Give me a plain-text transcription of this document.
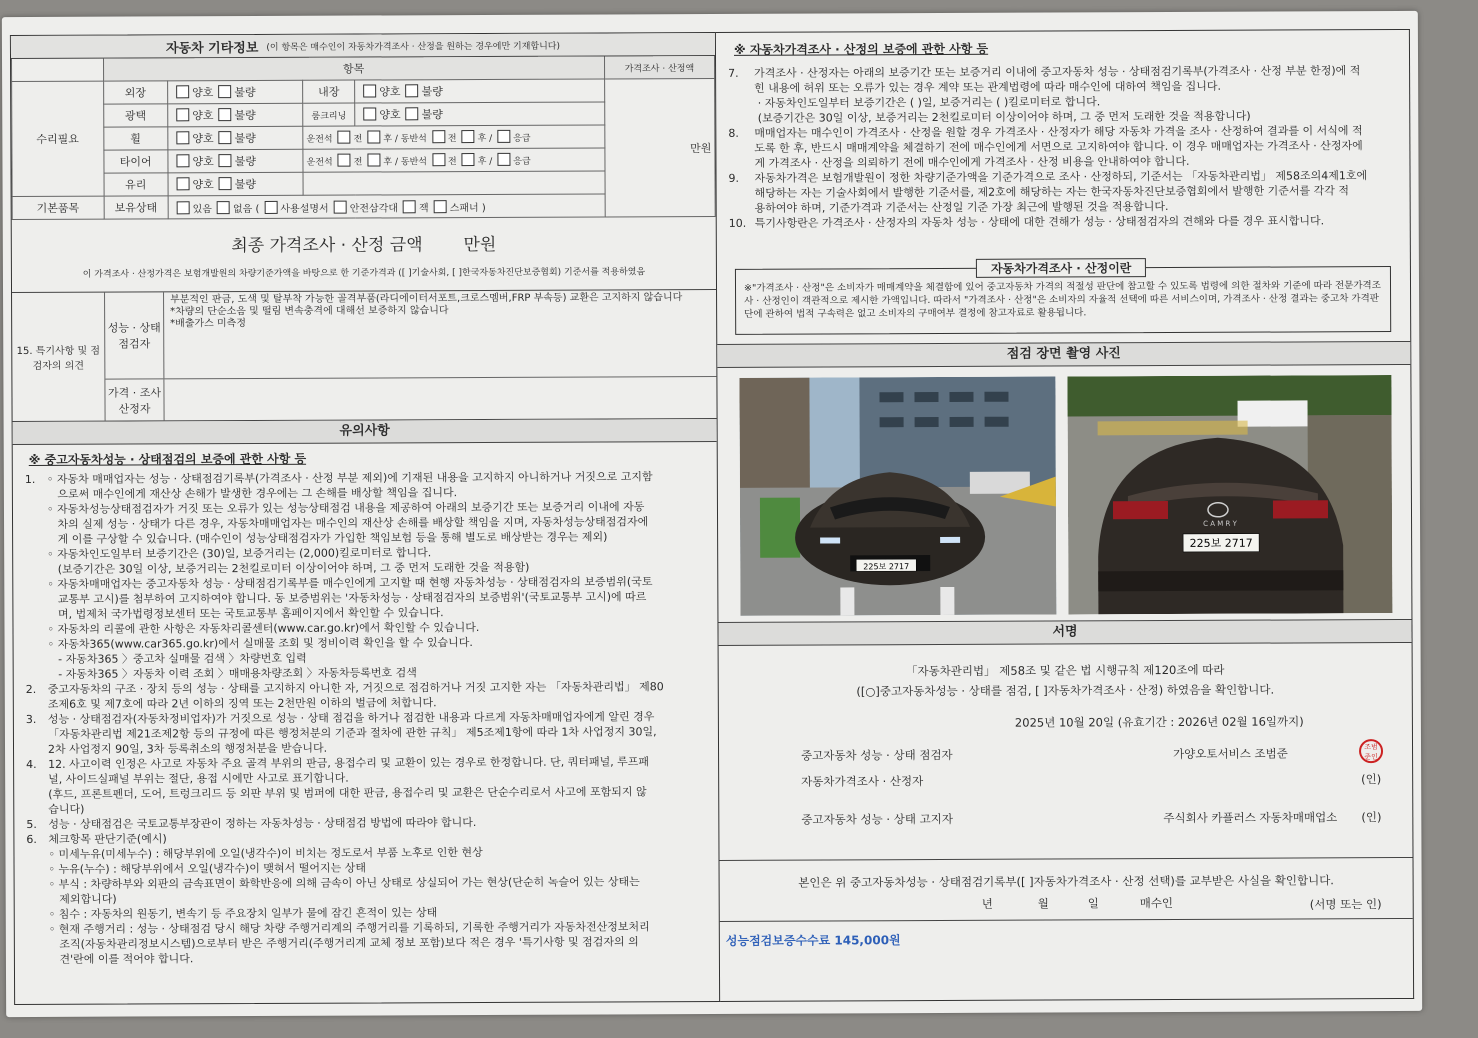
자동차 기타정보 (이 항목은 매수인이 자동차가격조사 · 산정을 원하는 경우에만 기재합니다)
	항목				가격조사 · 산정액
수리필요	외장	양호 불량	내장	양호 불량	만원
	광택	양호 불량	룸크리닝	양호 불량	
	휠	양호 불량	운전석 전 후 / 동반석 전 후 / 응급		
	타이어	양호 불량	운전석 전 후 / 동반석 전 후 / 응급		
	유리	양호 불량			
기본품목	보유상태	있음 없음 ( 사용설명서 안전삼각대 잭 스패너 )			
최종 가격조사 · 산정 금액 만원
이 가격조사 · 산정가격은 보험개발원의 차량기준가액을 바탕으로 한 기준가격과 ([ ]기술사회, [ ]한국자동차진단보증협회) 기준서를 적용하였음
15. 특기사항 및 점검자의 의견
성능 · 상태 점검자
부분적인 판금, 도색 및 탈부착 가능한 골격부품(라디에이터서포트,크로스멤버,FRP 부속등) 교환은 고지하지 않습니다
*차량의 단순소음 및 떨림 변속충격에 대해선 보증하지 않습니다
*배출가스 미측정
가격 · 조사 산정자
유의사항
※ 중고자동차성능 · 상태점검의 보증에 관한 사항 등
1.	◦ 자동차 매매업자는 성능 · 상태점검기록부(가격조사 · 산정 부분 제외)에 기재된 내용을 고지하지 아니하거나 거짓으로 고지함
으로써 매수인에게 재산상 손해가 발생한 경우에는 그 손해를 배상할 책임을 집니다.
◦ 자동차성능상태점검자가 거짓 또는 오류가 있는 성능상태점검 내용을 제공하여 아래의 보증기간 또는 보증거리 이내에 자동
차의 실제 성능 · 상태가 다른 경우, 자동차매매업자는 매수인의 재산상 손해를 배상할 책임을 지며, 자동차성능상태점검자에
게 이를 구상할 수 있습니다. (매수인이 성능상태점검자가 가입한 책임보험 등을 통해 별도로 배상받는 경우는 제외)
◦ 자동차인도일부터 보증기간은 (30)일, 보증거리는 (2,000)킬로미터로 합니다.
(보증기간은 30일 이상, 보증거리는 2천킬로미터 이상이어야 하며, 그 중 먼저 도래한 것을 적용함)
◦ 자동차매매업자는 중고자동차 성능 · 상태점검기록부를 매수인에게 고지할 때 현행 자동차성능 · 상태점검자의 보증범위(국토
교통부 고시)를 첨부하여 고지하여야 합니다. 동 보증범위는 '자동차성능 · 상태점검자의 보증범위'(국토교통부 고시)에 따르
며, 법제처 국가법령정보센터 또는 국토교통부 홈페이지에서 확인할 수 있습니다.
◦ 자동차의 리콜에 관한 사항은 자동차리콜센터(www.car.go.kr)에서 확인할 수 있습니다.
◦ 자동차365(www.car365.go.kr)에서 실매물 조회 및 정비이력 확인을 할 수 있습니다.
- 자동차365 〉중고차 실매물 검색 〉차량번호 입력
- 자동차365 〉자동차 이력 조회 〉매매용차량조회 〉자동차등록번호 검색

2.	중고자동차의 구조 · 장치 등의 성능 · 상태를 고지하지 아니한 자, 거짓으로 점검하거나 거짓 고지한 자는 「자동차관리법」 제80
조제6호 및 제7호에 따라 2년 이하의 징역 또는 2천만원 이하의 벌금에 처합니다.

3.	성능 · 상태점검자(자동차정비업자)가 거짓으로 성능 · 상태 점검을 하거나 점검한 내용과 다르게 자동차매매업자에게 알린 경우
「자동차관리법 제21조제2항 등의 규정에 따른 행정처분의 기준과 절차에 관한 규칙」 제5조제1항에 따라 1차 사업정지 30일,
2차 사업정지 90일, 3차 등록취소의 행정처분을 받습니다.

4.	12. 사고이력 인정은 사고로 자동차 주요 골격 부위의 판금, 용접수리 및 교환이 있는 경우로 한정합니다. 단, 쿼터패널, 루프패
널, 사이드실패널 부위는 절단, 용접 시에만 사고로 표기합니다.
(후드, 프론트펜더, 도어, 트렁크리드 등 외판 부위 및 범퍼에 대한 판금, 용접수리 및 교환은 단순수리로서 사고에 포함되지 않
습니다)

5.	성능 · 상태점검은 국토교통부장관이 정하는 자동차성능 · 상태점검 방법에 따라야 합니다.

6.	체크항목 판단기준(예시)
◦ 미세누유(미세누수) : 해당부위에 오일(냉각수)이 비치는 정도로서 부품 노후로 인한 현상
◦ 누유(누수) : 해당부위에서 오일(냉각수)이 맺혀서 떨어지는 상태
◦ 부식 : 차량하부와 외판의 금속표면이 화학반응에 의해 금속이 아닌 상태로 상실되어 가는 현상(단순히 녹슬어 있는 상태는
제외합니다)
◦ 침수 : 자동차의 원동기, 변속기 등 주요장치 일부가 물에 잠긴 흔적이 있는 상태
◦ 현재 주행거리 : 성능 · 상태점검 당시 해당 차량 주행거리계의 주행거리를 기록하되, 기록한 주행거리가 자동차전산정보처리
조직(자동차관리정보시스템)으로부터 받은 주행거리(주행거리계 교체 정보 포함)보다 적은 경우 '특기사항 및 점검자의 의
견'란에 이를 적어야 합니다.

※ 자동차가격조사 · 산정의 보증에 관한 사항 등
7.	가격조사 · 산정자는 아래의 보증기간 또는 보증거리 이내에 중고자동차 성능 · 상태점검기록부(가격조사 · 산정 부분 한정)에 적
힌 내용에 허위 또는 오류가 있는 경우 계약 또는 관계법령에 따라 매수인에 대하여 책임을 집니다.
· 자동차인도일부터 보증기간은 ( )일, 보증거리는 ( )킬로미터로 합니다.
(보증기간은 30일 이상, 보증거리는 2천킬로미터 이상이어야 하며, 그 중 먼저 도래한 것을 적용합니다)

8.	매매업자는 매수인이 가격조사 · 산정을 원할 경우 가격조사 · 산정자가 해당 자동차 가격을 조사 · 산정하여 결과를 이 서식에 적
도록 한 후, 반드시 매매계약을 체결하기 전에 매수인에게 서면으로 고지하여야 합니다. 이 경우 매매업자는 가격조사 · 산정자에
게 가격조사 · 산정을 의뢰하기 전에 매수인에게 가격조사 · 산정 비용을 안내하여야 합니다.

9.	자동차가격은 보험개발원이 정한 차량기준가액을 기준가격으로 조사 · 산정하되, 기준서는 「자동차관리법」 제58조의4제1호에
해당하는 자는 기술사회에서 발행한 기준서를, 제2호에 해당하는 자는 한국자동차진단보증협회에서 발행한 기준서를 각각 적
용하여야 하며, 기준가격과 기준서는 산정일 기준 가장 최근에 발행된 것을 적용합니다.

10. 특기사항란은 가격조사 · 산정자의 자동차 성능 · 상태에 대한 견해가 성능 · 상태점검자의 견해와 다를 경우 표시합니다.

자동차가격조사 · 산정이란
※"가격조사 · 산정"은 소비자가 매매계약을 체결함에 있어 중고자동차 가격의 적절성 판단에 참고할 수 있도록 법령에 의한 절차와 기준에 따라 전문가격조사 · 산정인이 객관적으로 제시한 가액입니다. 따라서 "가격조사 · 산정"은 소비자의 자율적 선택에 따른 서비스이며, 가격조사 · 산정 결과는 중고차 가격판단에 관하여 법적 구속력은 없고 소비자의 구매여부 결정에 참고자료로 활용됩니다.
점검 장면 촬영 사진
225보 2717
C A M R Y
225보 2717
서명
「자동차관리법」 제58조 및 같은 법 시행규칙 제120조에 따라
([○]중고자동차성능 · 상태를 점검, [ ]자동차가격조사 · 산정) 하였음을 확인합니다.
2025년 10월 20일 (유효기간 : 2026년 02월 16일까지)
중고자동차 성능 · 상태 점검자	가양오토서비스 조범준	조범준인
자동차가격조사 · 산정자	(인)
중고자동차 성능 · 상태 고지자	주식회사 카플러스 자동차매매업소 (인)
본인은 위 중고자동차성능 · 상태점검기록부([ ]자동차가격조사 · 산정 선택)를 교부받은 사실을 확인합니다.
년	월	일	매수인	(서명 또는 인)
성능점검보증수수료 145,000원
